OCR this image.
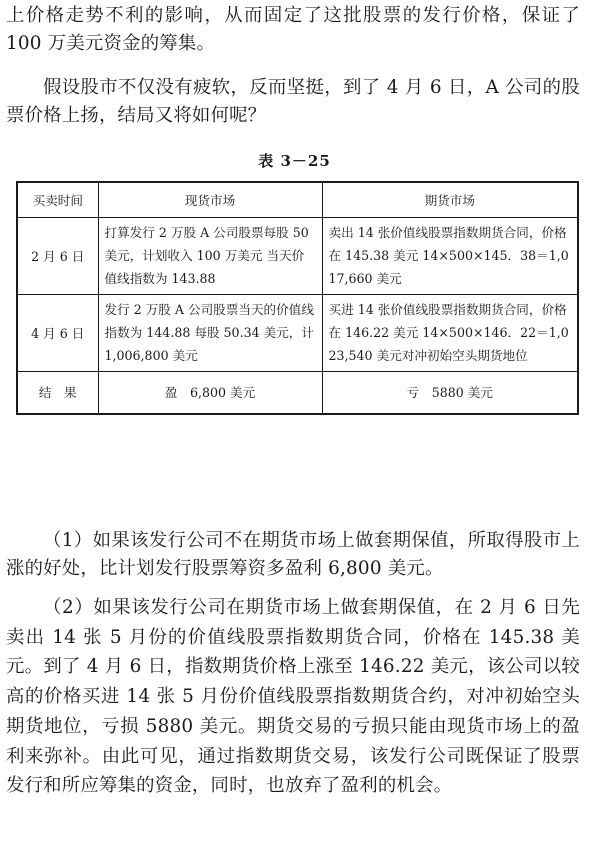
上价格走势不利的影响，从而固定了这批股票的发行价格，保证了 100 万美元资金的筹集。

假设股市不仅没有疲软，反而坚挺，到了 4 月 6 日，A 公司的股票价格上扬，结局又将如何呢？

表 3－25

买卖时间	现货市场	期货市场
2 月 6 日	打算发行 2 万股 A 公司股票每股 50 美元，计划收入 100 万美元 当天价值线指数为 143.88	卖出 14 张价值线股票指数期货合同，价格在 145.38 美元 14×500×145．38＝1,017,660 美元
4 月 6 日	发行 2 万股 A 公司股票当天的价值线指数为 144.88 每股 50.34 美元，计 1,006,800 美元	买进 14 张价值线股票指数期货合同，价格在 146.22 美元 14×500×146．22＝1,023,540 美元对冲初始空头期货地位
结　果	盈　6,800 美元	亏　5880 美元

（1）如果该发行公司不在期货市场上做套期保值，所取得股市上涨的好处，比计划发行股票筹资多盈利 6,800 美元。

（2）如果该发行公司在期货市场上做套期保值，在 2 月 6 日先卖出 14 张 5 月份的价值线股票指数期货合同，价格在 145.38 美元。到了 4 月 6 日，指数期货价格上涨至 146.22 美元，该公司以较高的价格买进 14 张 5 月份价值线股票指数期货合约，对冲初始空头期货地位，亏损 5880 美元。期货交易的亏损只能由现货市场上的盈利来弥补。由此可见，通过指数期货交易，该发行公司既保证了股票发行和所应筹集的资金，同时，也放弃了盈利的机会。
